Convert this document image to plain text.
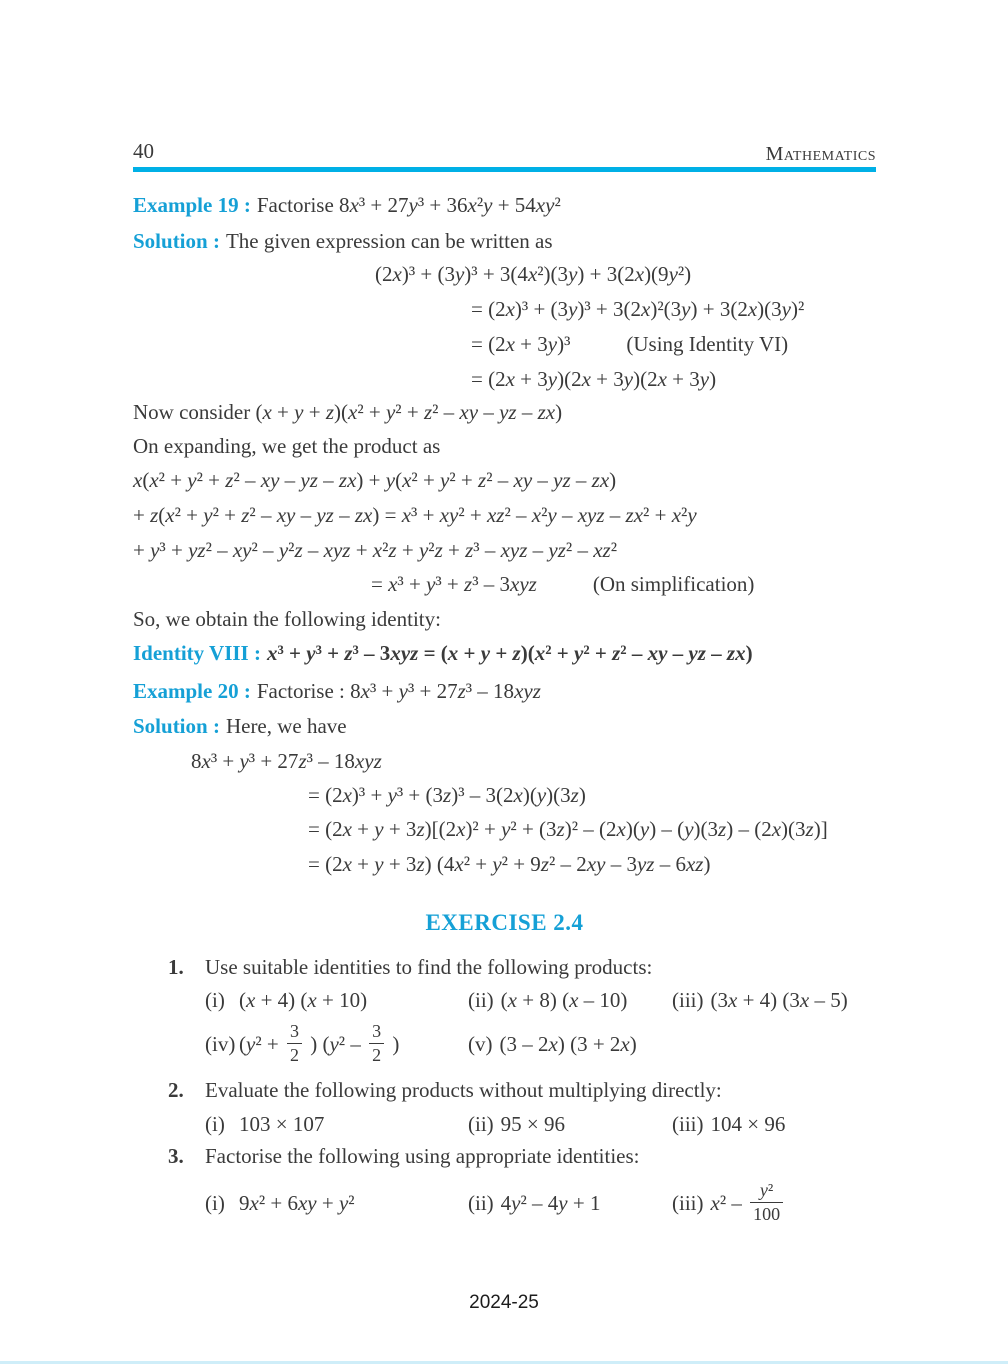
40	Mathematics
Example 19 : Factorise 8x³ + 27y³ + 36x²y + 54xy²
Solution : The given expression can be written as
(2x)³ + (3y)³ + 3(4x²)(3y) + 3(2x)(9y²)
= (2x)³ + (3y)³ + 3(2x)²(3y) + 3(2x)(3y)²
= (2x + 3y)³	(Using Identity VI)
= (2x + 3y)(2x + 3y)(2x + 3y)
Now consider (x + y + z)(x² + y² + z² – xy – yz – zx)
On expanding, we get the product as
x(x² + y² + z² – xy – yz – zx) + y(x² + y² + z² – xy – yz – zx)
+ z(x² + y² + z² – xy – yz – zx) = x³ + xy² + xz² – x²y – xyz – zx² + x²y
+ y³ + yz² – xy² – y²z – xyz + x²z + y²z + z³ – xyz – yz² – xz²
= x³ + y³ + z³ – 3xyz	(On simplification)
So, we obtain the following identity:
Identity VIII : x³ + y³ + z³ – 3xyz = (x + y + z)(x² + y² + z² – xy – yz – zx)
Example 20 : Factorise : 8x³ + y³ + 27z³ – 18xyz
Solution : Here, we have
8x³ + y³ + 27z³ – 18xyz
= (2x)³ + y³ + (3z)³ – 3(2x)(y)(3z)
= (2x + y + 3z)[(2x)² + y² + (3z)² – (2x)(y) – (y)(3z) – (2x)(3z)]
= (2x + y + 3z) (4x² + y² + 9z² – 2xy – 3yz – 6xz)
EXERCISE 2.4
1. Use suitable identities to find the following products:
(i) (x + 4) (x + 10)	(ii) (x + 8) (x – 10) (iii) (3x + 4) (3x – 5)
(iv) ($y^2 + \frac{3}{2}$ ) ($y^2 - \frac{3}{2}$ )	(v) (3 – 2x) (3 + 2x)
2. Evaluate the following products without multiplying directly:
(i) 103 × 107	(ii) 95 × 96	(iii) 104 × 96
3. Factorise the following using appropriate identities:
(i) 9x² + 6xy + y²	(ii) 4y² – 4y + 1	(iii) $x^2 - \frac{\text{y²}}{100}$
2024-25
